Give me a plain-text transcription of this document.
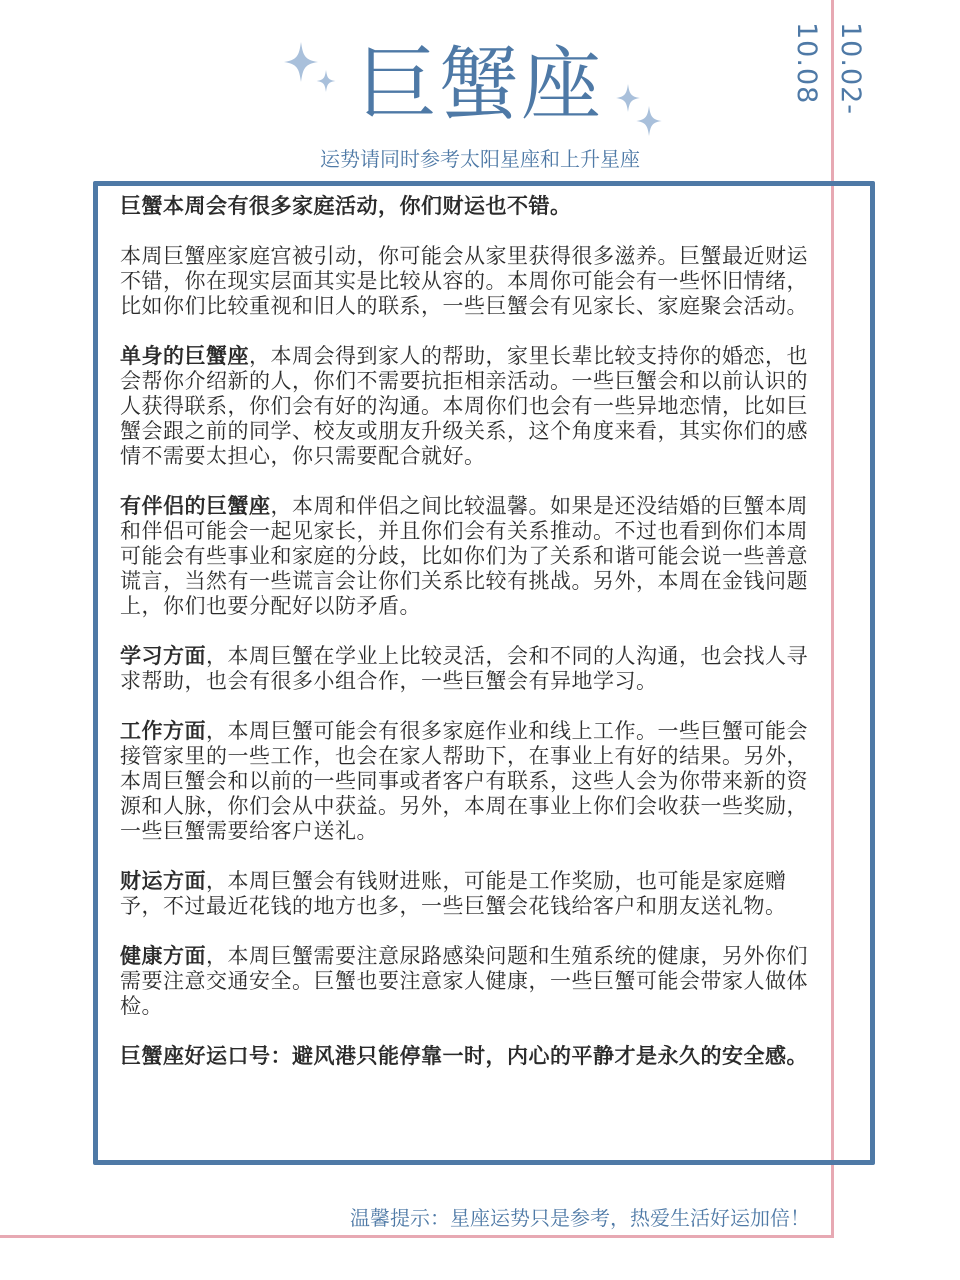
10.02-10.08
巨蟹座
运势请同时参考太阳星座和上升星座

巨蟹本周会有很多家庭活动，你们财运也不错。

本周巨蟹座家庭宫被引动，你可能会从家里获得很多滋养。巨蟹最近财运不错，你在现实层面其实是比较从容的。本周你可能会有一些怀旧情绪，比如你们比较重视和旧人的联系，一些巨蟹会有见家长、家庭聚会活动。

单身的巨蟹座，本周会得到家人的帮助，家里长辈比较支持你的婚恋，也会帮你介绍新的人，你们不需要抗拒相亲活动。一些巨蟹会和以前认识的人获得联系，你们会有好的沟通。本周你们也会有一些异地恋情，比如巨蟹会跟之前的同学、校友或朋友升级关系，这个角度来看，其实你们的感情不需要太担心，你只需要配合就好。

有伴侣的巨蟹座，本周和伴侣之间比较温馨。如果是还没结婚的巨蟹本周和伴侣可能会一起见家长，并且你们会有关系推动。不过也看到你们本周可能会有些事业和家庭的分歧，比如你们为了关系和谐可能会说一些善意谎言，当然有一些谎言会让你们关系比较有挑战。另外，本周在金钱问题上，你们也要分配好以防矛盾。

学习方面，本周巨蟹在学业上比较灵活，会和不同的人沟通，也会找人寻求帮助，也会有很多小组合作，一些巨蟹会有异地学习。

工作方面，本周巨蟹可能会有很多家庭作业和线上工作。一些巨蟹可能会接管家里的一些工作，也会在家人帮助下，在事业上有好的结果。另外，本周巨蟹会和以前的一些同事或者客户有联系，这些人会为你带来新的资源和人脉，你们会从中获益。另外，本周在事业上你们会收获一些奖励，一些巨蟹需要给客户送礼。

财运方面，本周巨蟹会有钱财进账，可能是工作奖励，也可能是家庭赠予，不过最近花钱的地方也多，一些巨蟹会花钱给客户和朋友送礼物。

健康方面，本周巨蟹需要注意尿路感染问题和生殖系统的健康，另外你们需要注意交通安全。巨蟹也要注意家人健康，一些巨蟹可能会带家人做体检。

巨蟹座好运口号：避风港只能停靠一时，内心的平静才是永久的安全感。

温馨提示：星座运势只是参考，热爱生活好运加倍！
